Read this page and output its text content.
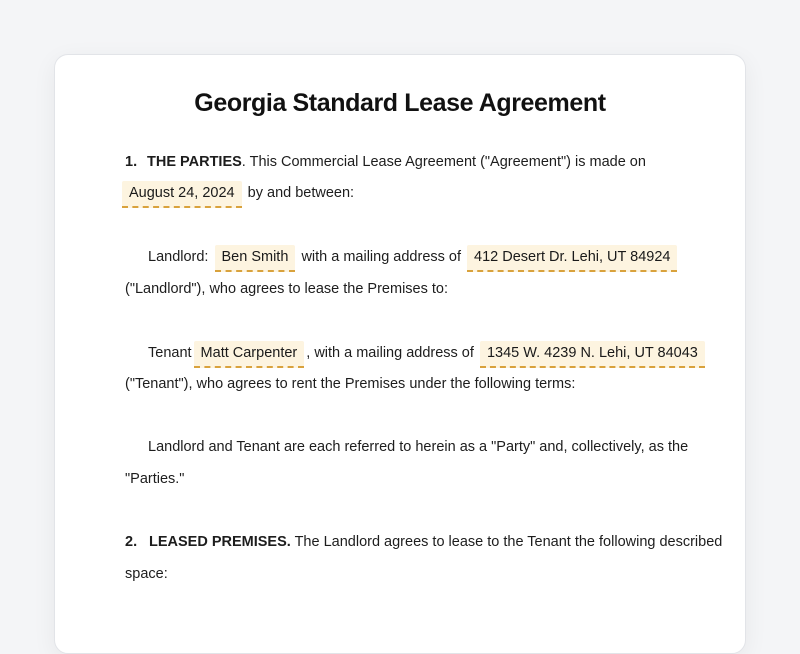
Georgia Standard Lease Agreement
1. THE PARTIES. This Commercial Lease Agreement ("Agreement") is made on
August 24, 2024 by and between:
Landlord: Ben Smith with a mailing address of 412 Desert Dr. Lehi, UT 84924
("Landlord"), who agrees to lease the Premises to:
Tenant Matt Carpenter , with a mailing address of 1345 W. 4239 N. Lehi, UT 84043
("Tenant"), who agrees to rent the Premises under the following terms:
Landlord and Tenant are each referred to herein as a "Party" and, collectively, as the
"Parties."
2. LEASED PREMISES. The Landlord agrees to lease to the Tenant the following described
space:
